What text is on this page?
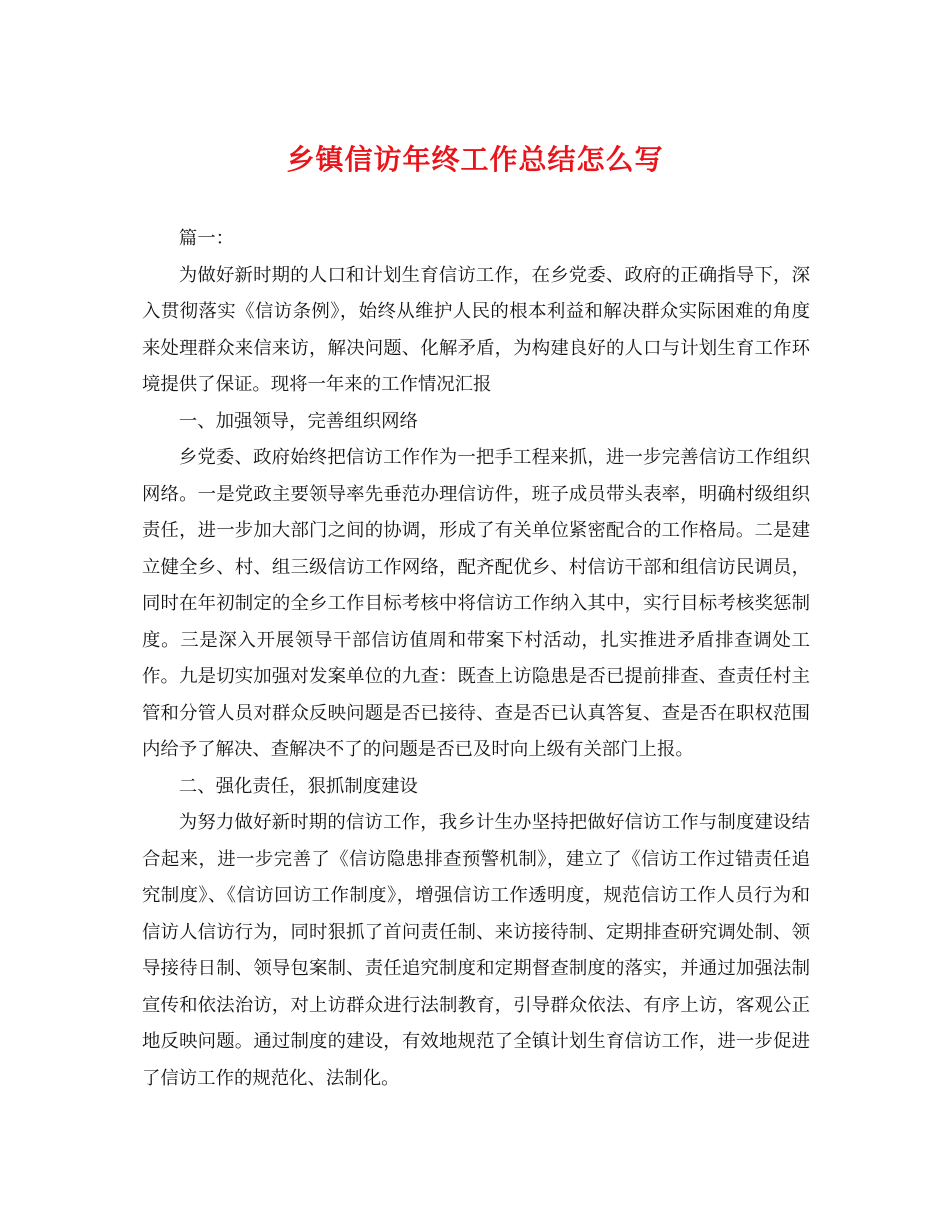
乡镇信访年终工作总结怎么写

篇一：

为做好新时期的人口和计划生育信访工作，在乡党委、政府的正确指导下，深入贯彻落实《信访条例》，始终从维护人民的根本利益和解决群众实际困难的角度来处理群众来信来访，解决问题、化解矛盾，为构建良好的人口与计划生育工作环境提供了保证。现将一年来的工作情况汇报

一、加强领导，完善组织网络

乡党委、政府始终把信访工作作为一把手工程来抓，进一步完善信访工作组织网络。一是党政主要领导率先垂范办理信访件，班子成员带头表率，明确村级组织责任，进一步加大部门之间的协调，形成了有关单位紧密配合的工作格局。二是建立健全乡、村、组三级信访工作网络，配齐配优乡、村信访干部和组信访民调员，同时在年初制定的全乡工作目标考核中将信访工作纳入其中，实行目标考核奖惩制度。三是深入开展领导干部信访值周和带案下村活动，扎实推进矛盾排查调处工作。九是切实加强对发案单位的九查：既查上访隐患是否已提前排查、查责任村主管和分管人员对群众反映问题是否已接待、查是否已认真答复、查是否在职权范围内给予了解决、查解决不了的问题是否已及时向上级有关部门上报。

二、强化责任，狠抓制度建设

为努力做好新时期的信访工作，我乡计生办坚持把做好信访工作与制度建设结合起来，进一步完善了《信访隐患排查预警机制》，建立了《信访工作过错责任追究制度》、《信访回访工作制度》，增强信访工作透明度，规范信访工作人员行为和信访人信访行为，同时狠抓了首问责任制、来访接待制、定期排查研究调处制、领导接待日制、领导包案制、责任追究制度和定期督查制度的落实，并通过加强法制宣传和依法治访，对上访群众进行法制教育，引导群众依法、有序上访，客观公正地反映问题。通过制度的建设，有效地规范了全镇计划生育信访工作，进一步促进了信访工作的规范化、法制化。
